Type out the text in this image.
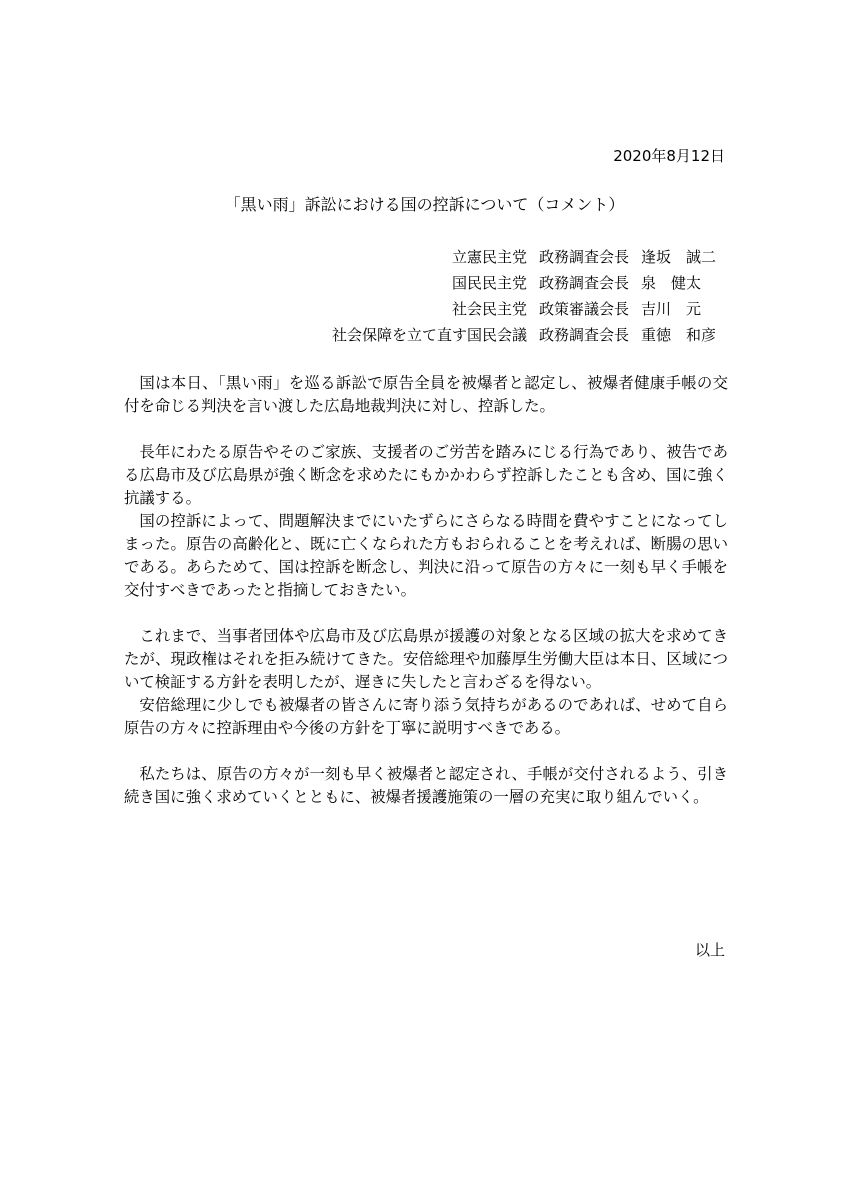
2020年8月12日
「黒い雨」訴訟における国の控訴について（コメント）
立憲民主党 政務調査会長 逢坂　誠二
国民民主党 政務調査会長 泉　健太
社会民主党 政策審議会長 吉川　元
社会保障を立て直す国民会議 政務調査会長 重徳　和彦

国は本日、「黒い雨」を巡る訴訟で原告全員を被爆者と認定し、被爆者健康手帳の交付を命じる判決を言い渡した広島地裁判決に対し、控訴した。

長年にわたる原告やそのご家族、支援者のご労苦を踏みにじる行為であり、被告である広島市及び広島県が強く断念を求めたにもかかわらず控訴したことも含め、国に強く抗議する。

国の控訴によって、問題解決までにいたずらにさらなる時間を費やすことになってしまった。原告の高齢化と、既に亡くなられた方もおられることを考えれば、断腸の思いである。あらためて、国は控訴を断念し、判決に沿って原告の方々に一刻も早く手帳を交付すべきであったと指摘しておきたい。

これまで、当事者団体や広島市及び広島県が援護の対象となる区域の拡大を求めてきたが、現政権はそれを拒み続けてきた。安倍総理や加藤厚生労働大臣は本日、区域について検証する方針を表明したが、遅きに失したと言わざるを得ない。

安倍総理に少しでも被爆者の皆さんに寄り添う気持ちがあるのであれば、せめて自ら原告の方々に控訴理由や今後の方針を丁寧に説明すべきである。

私たちは、原告の方々が一刻も早く被爆者と認定され、手帳が交付されるよう、引き続き国に強く求めていくとともに、被爆者援護施策の一層の充実に取り組んでいく。

以上
